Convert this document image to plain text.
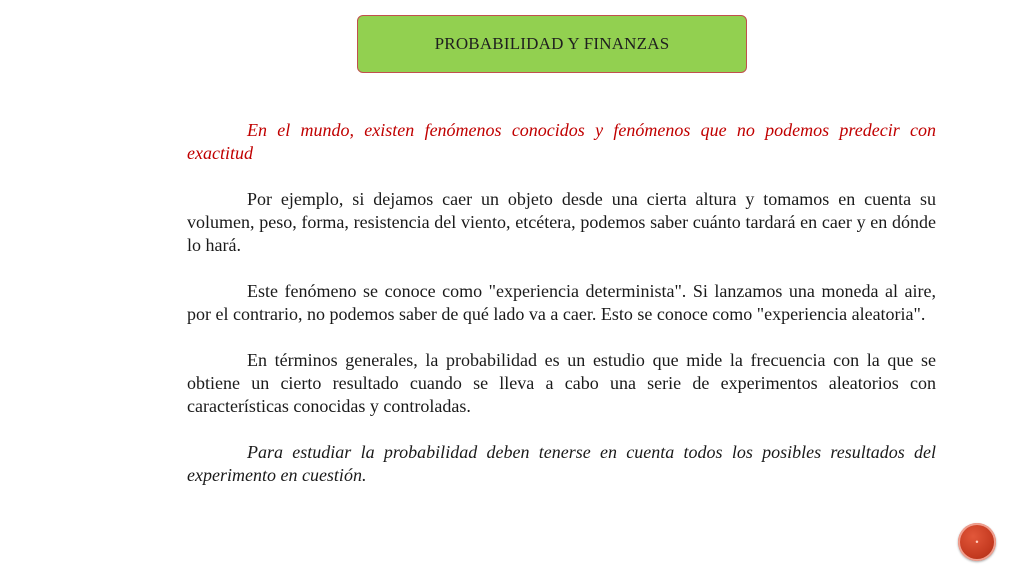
PROBABILIDAD Y FINANZAS

En el mundo, existen fenómenos conocidos y fenómenos que no podemos predecir con exactitud

Por ejemplo, si dejamos caer un objeto desde una cierta altura y tomamos en cuenta su volumen, peso, forma, resistencia del viento, etcétera, podemos saber cuánto tardará en caer y en dónde lo hará.

Este fenómeno se conoce como "experiencia determinista". Si lanzamos una moneda al aire, por el contrario, no podemos saber de qué lado va a caer. Esto se conoce como "experiencia aleatoria".

En términos generales, la probabilidad es un estudio que mide la frecuencia con la que se obtiene un cierto resultado cuando se lleva a cabo una serie de experimentos aleatorios con características conocidas y controladas.

Para estudiar la probabilidad deben tenerse en cuenta todos los posibles resultados del experimento en cuestión.

•
